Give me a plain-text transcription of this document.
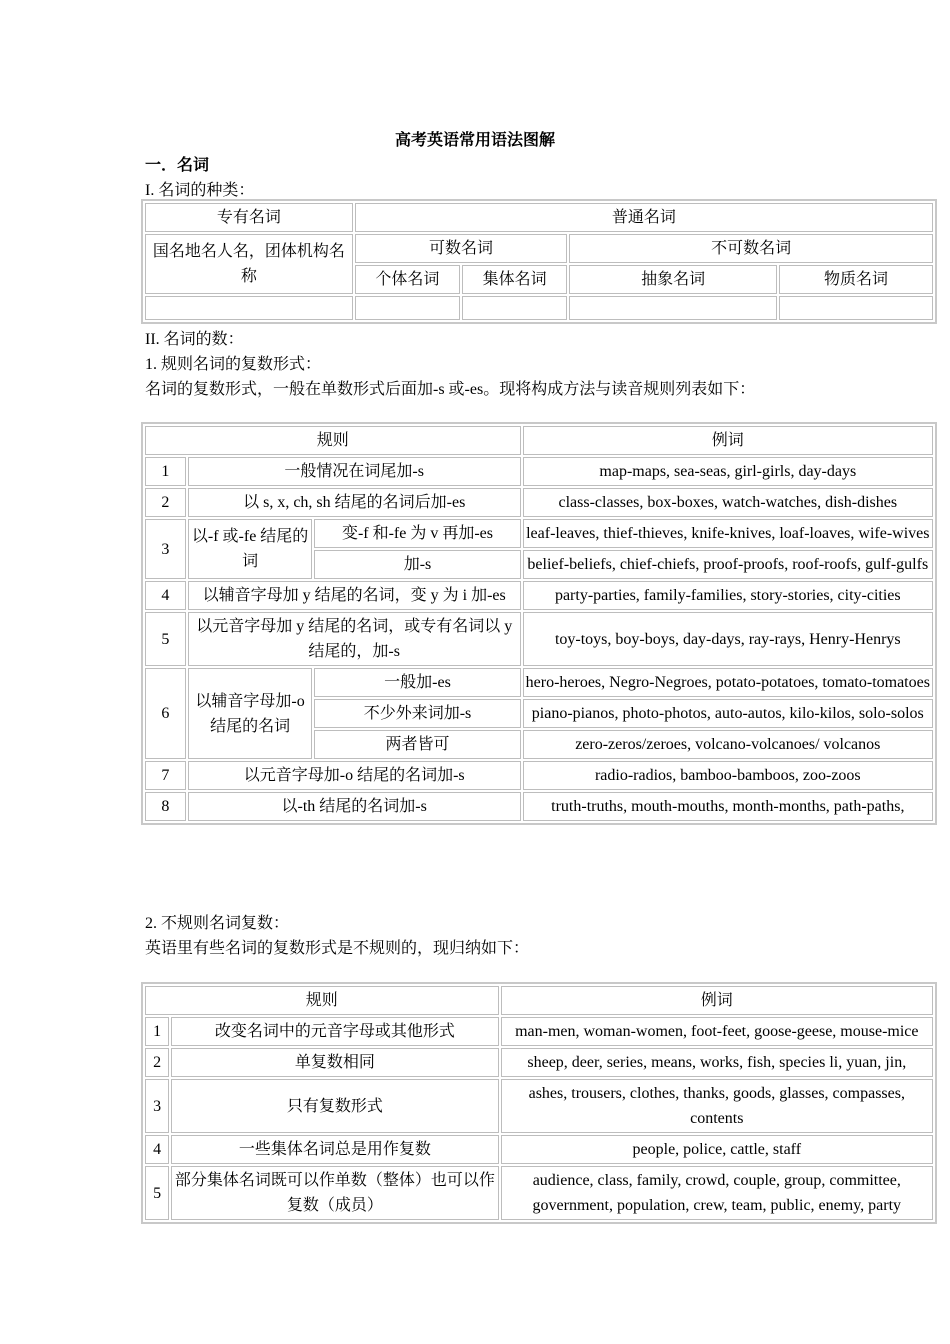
高考英语常用语法图解
一．名词
I. 名词的种类：
专有名词	普通名词			
国名地名人名，团体机构名称	可数名词		不可数名词	
	个体名词	集体名词	抽象名词	物质名词

II. 名词的数：
1. 规则名词的复数形式：
名词的复数形式，一般在单数形式后面加-s 或-es。现将构成方法与读音规则列表如下：
规则			例词
1	一般情况在词尾加-s		map-maps, sea-seas, girl-girls, day-days
2	以 s, x, ch, sh 结尾的名词后加-es		class-classes, box-boxes, watch-watches, dish-dishes
3	以-f 或-fe 结尾的词	变-f 和-fe 为 v 再加-es	leaf-leaves, thief-thieves, knife-knives, loaf-loaves, wife-wives
		加-s	belief-beliefs, chief-chiefs, proof-proofs, roof-roofs, gulf-gulfs
4	以辅音字母加 y 结尾的名词，变 y 为 i 加-es		party-parties, family-families, story-stories, city-cities
5	以元音字母加 y 结尾的名词，或专有名词以 y 结尾的，加-s		toy-toys, boy-boys, day-days, ray-rays, Henry-Henrys
6	以辅音字母加-o 结尾的名词	一般加-es	hero-heroes, Negro-Negroes, potato-potatoes, tomato-tomatoes
		不少外来词加-s	piano-pianos, photo-photos, auto-autos, kilo-kilos, solo-solos
		两者皆可	zero-zeros/zeroes, volcano-volcanoes/ volcanos
7	以元音字母加-o 结尾的名词加-s		radio-radios, bamboo-bamboos, zoo-zoos
8	以-th 结尾的名词加-s		truth-truths, mouth-mouths, month-months, path-paths,
2. 不规则名词复数：
英语里有些名词的复数形式是不规则的，现归纳如下：
规则		例词
1	改变名词中的元音字母或其他形式	man-men, woman-women, foot-feet, goose-geese, mouse-mice
2	单复数相同	sheep, deer, series, means, works, fish, species li, yuan, jin,
3	只有复数形式	ashes, trousers, clothes, thanks, goods, glasses, compasses, contents
4	一些集体名词总是用作复数	people, police, cattle, staff
5	部分集体名词既可以作单数（整体）也可以作复数（成员）	audience, class, family, crowd, couple, group, committee, government, population, crew, team, public, enemy, party
